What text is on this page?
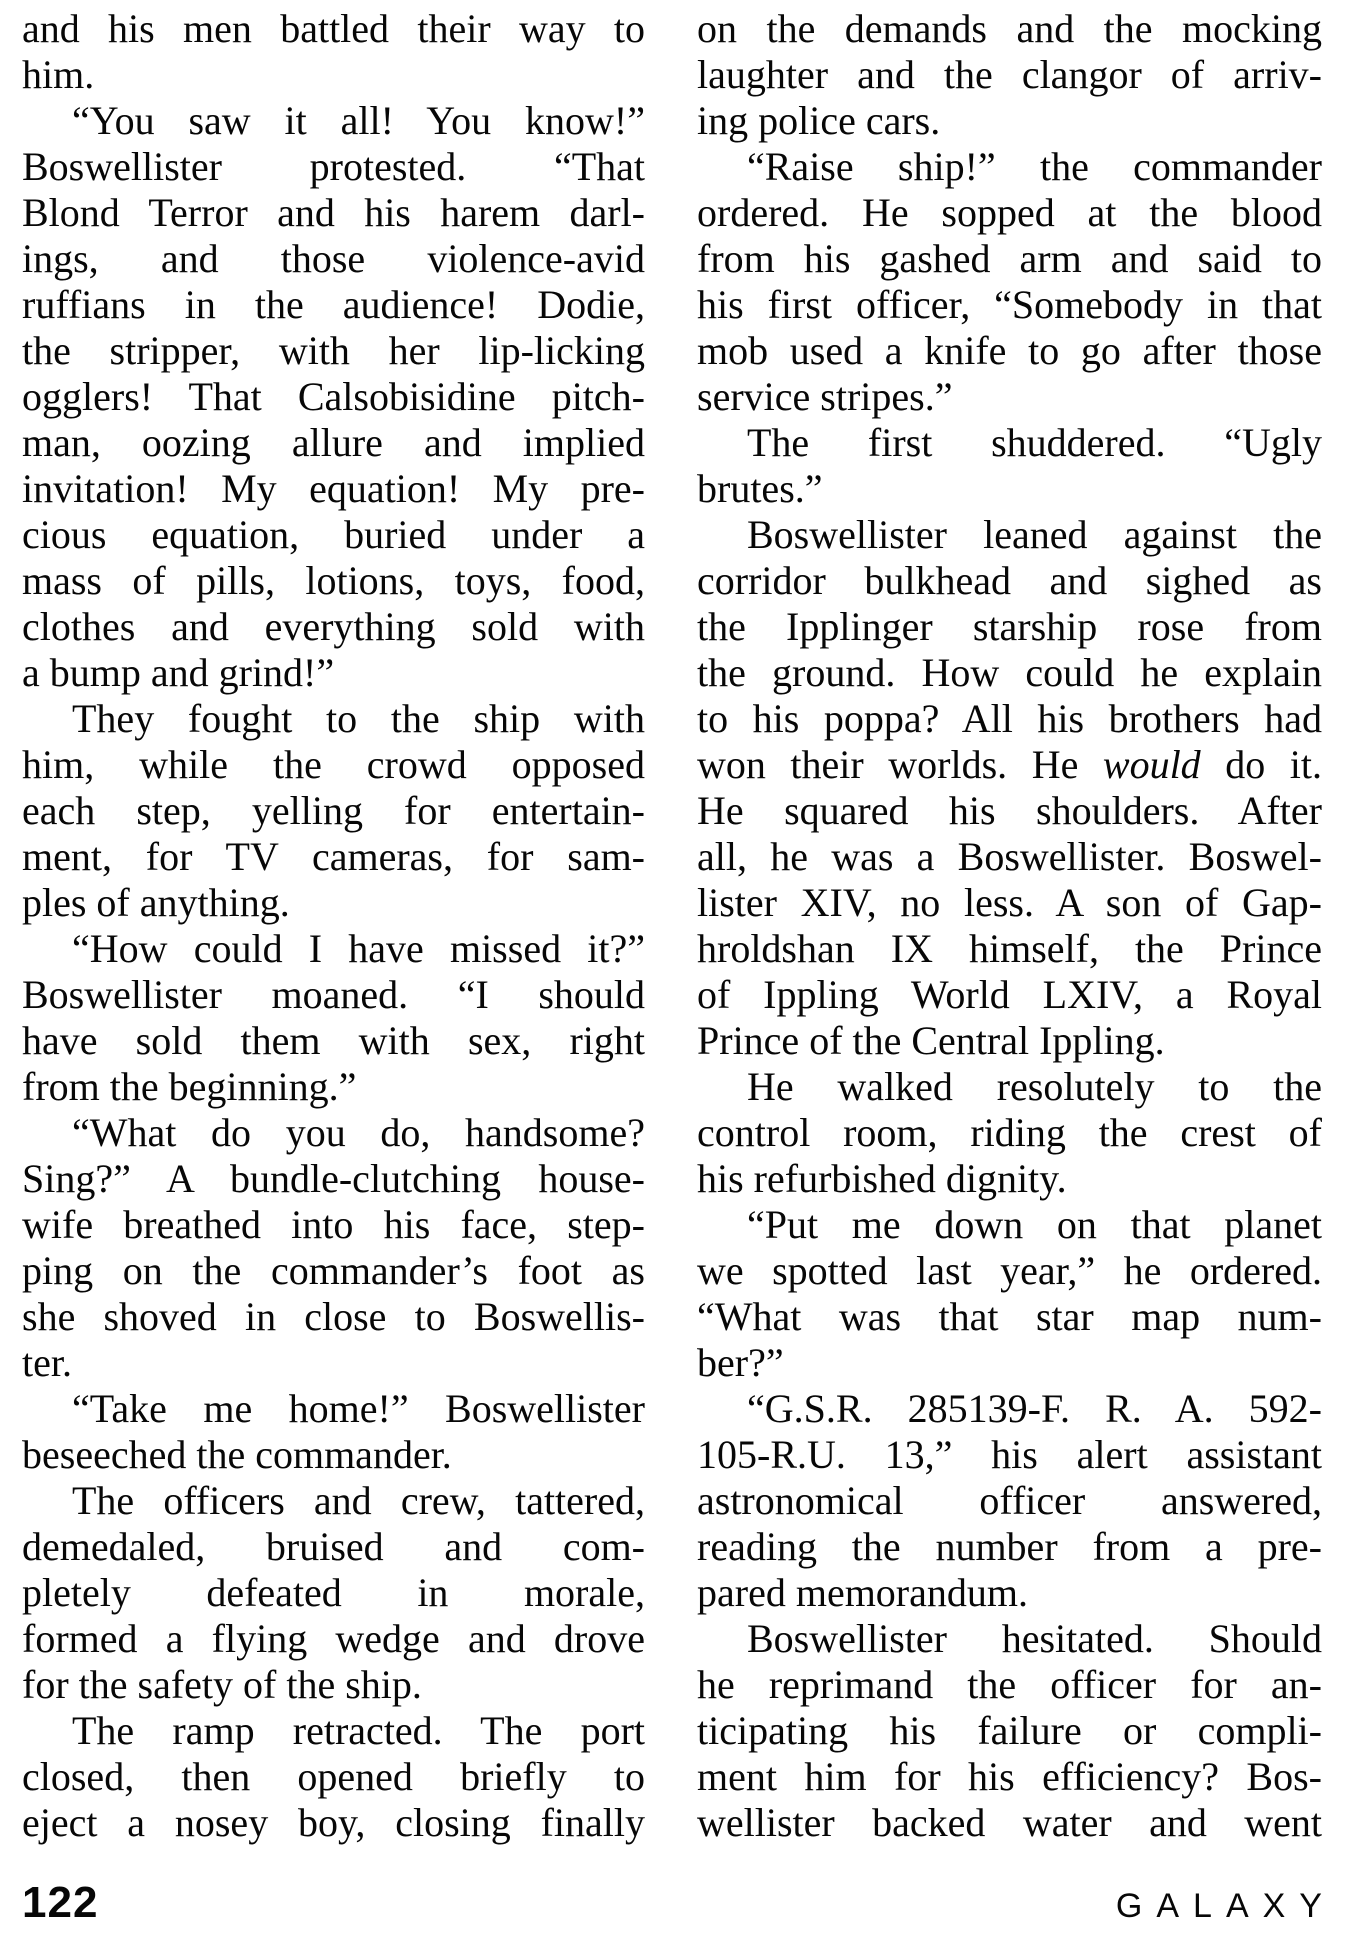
and his men battled their way to
him.
“You saw it all! You know!”
Boswellister protested. “That
Blond Terror and his harem darl-
ings, and those violence-avid
ruffians in the audience! Dodie,
the stripper, with her lip-licking
ogglers! That Calsobisidine pitch-
man, oozing allure and implied
invitation! My equation! My pre-
cious equation, buried under a
mass of pills, lotions, toys, food,
clothes and everything sold with
a bump and grind!”
They fought to the ship with
him, while the crowd opposed
each step, yelling for entertain-
ment, for TV cameras, for sam-
ples of anything.
“How could I have missed it?”
Boswellister moaned. “I should
have sold them with sex, right
from the beginning.”
“What do you do, handsome?
Sing?” A bundle-clutching house-
wife breathed into his face, step-
ping on the commander’s foot as
she shoved in close to Boswellis-
ter.
“Take me home!” Boswellister
beseeched the commander.
The officers and crew, tattered,
demedaled, bruised and com-
pletely defeated in morale,
formed a flying wedge and drove
for the safety of the ship.
The ramp retracted. The port
closed, then opened briefly to
eject a nosey boy, closing finally
on the demands and the mocking
laughter and the clangor of arriv-
ing police cars.
“Raise ship!” the commander
ordered. He sopped at the blood
from his gashed arm and said to
his first officer, “Somebody in that
mob used a knife to go after those
service stripes.”
The first shuddered. “Ugly
brutes.”
Boswellister leaned against the
corridor bulkhead and sighed as
the Ipplinger starship rose from
the ground. How could he explain
to his poppa? All his brothers had
won their worlds. He would do it.
He squared his shoulders. After
all, he was a Boswellister. Boswel-
lister XIV, no less. A son of Gap-
hroldshan IX himself, the Prince
of Ippling World LXIV, a Royal
Prince of the Central Ippling.
He walked resolutely to the
control room, riding the crest of
his refurbished dignity.
“Put me down on that planet
we spotted last year,” he ordered.
“What was that star map num-
ber?”
“G.S.R. 285139-F. R. A. 592-
105-R.U. 13,” his alert assistant
astronomical officer answered,
reading the number from a pre-
pared memorandum.
Boswellister hesitated. Should
he reprimand the officer for an-
ticipating his failure or compli-
ment him for his efficiency? Bos-
wellister backed water and went
122	GALAXY
